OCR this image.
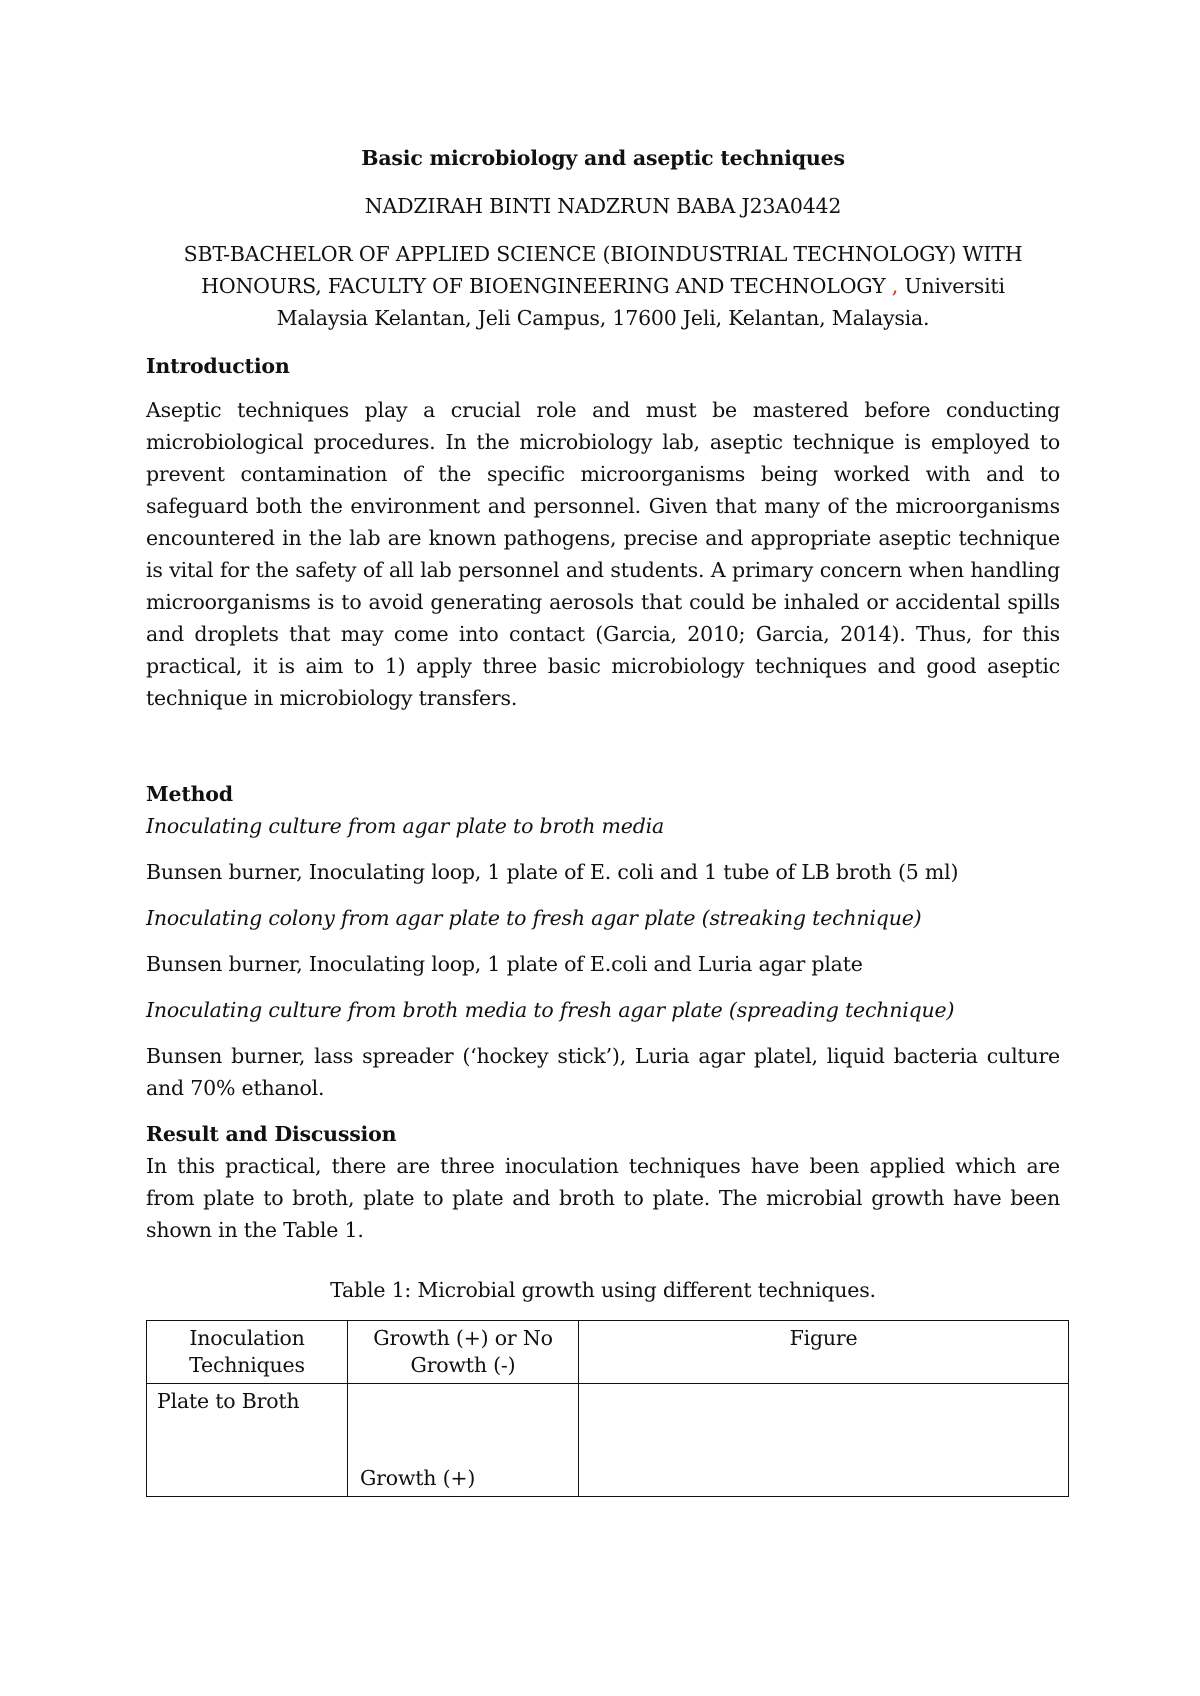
Basic microbiology and aseptic techniques

NADZIRAH BINTI NADZRUN BABA J23A0442

SBT-BACHELOR OF APPLIED SCIENCE (BIOINDUSTRIAL TECHNOLOGY) WITH

HONOURS, FACULTY OF BIOENGINEERING AND TECHNOLOGY , Universiti

Malaysia Kelantan, Jeli Campus, 17600 Jeli, Kelantan, Malaysia.

Introduction

Aseptic techniques play a crucial role and must be mastered before conducting microbiological procedures. In the microbiology lab, aseptic technique is employed to prevent contamination of the specific microorganisms being worked with and to safeguard both the environment and personnel. Given that many of the microorganisms encountered in the lab are known pathogens, precise and appropriate aseptic technique is vital for the safety of all lab personnel and students. A primary concern when handling microorganisms is to avoid generating aerosols that could be inhaled or accidental spills and droplets that may come into contact (Garcia, 2010; Garcia, 2014). Thus, for this practical, it is aim to 1) apply three basic microbiology techniques and good aseptic technique in microbiology transfers.

Method

Inoculating culture from agar plate to broth media

Bunsen burner, Inoculating loop, 1 plate of E. coli and 1 tube of LB broth (5 ml)

Inoculating colony from agar plate to fresh agar plate (streaking technique)

Bunsen burner, Inoculating loop, 1 plate of E.coli and Luria agar plate

Inoculating culture from broth media to fresh agar plate (spreading technique)

Bunsen burner, lass spreader (‘hockey stick’), Luria agar platel, liquid bacteria culture and 70% ethanol.

Result and Discussion

In this practical, there are three inoculation techniques have been applied which are from plate to broth, plate to plate and broth to plate. The microbial growth have been shown in the Table 1.

Table 1: Microbial growth using different techniques.

Inoculation Techniques	Growth (+) or No Growth (-)	Figure
Plate to Broth	Growth (+)	
